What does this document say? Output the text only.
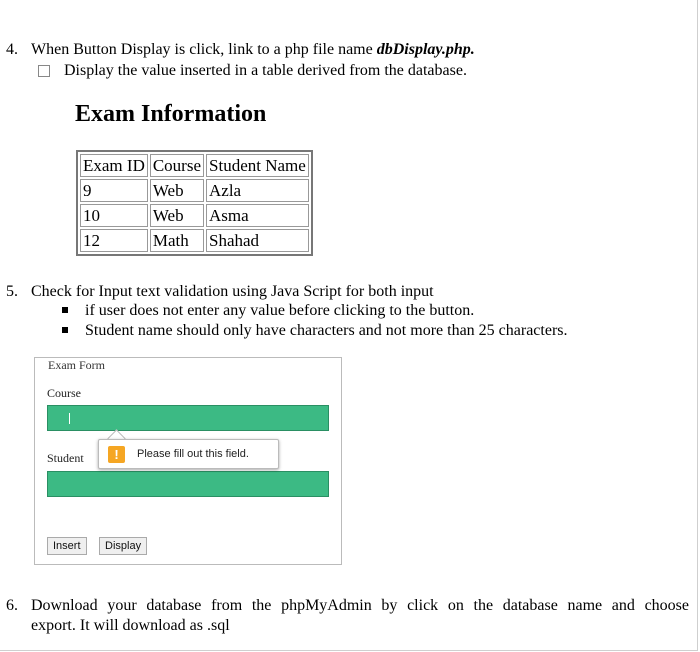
4. When Button Display is click, link to a php file name dbDisplay.php.
Display the value inserted in a table derived from the database.
Exam Information
Exam ID	Course	Student Name
9	Web	Azla
10	Web	Asma
12	Math	Shahad
5. Check for Input text validation using Java Script for both input
if user does not enter any value before clicking to the button.
Student name should only have characters and not more than 25 characters.
Exam Form
Course
Student	!	Please fill out this field.
Insert	Display
6. Download your database from the phpMyAdmin by click on the database name and choose
export. It will download as .sql
